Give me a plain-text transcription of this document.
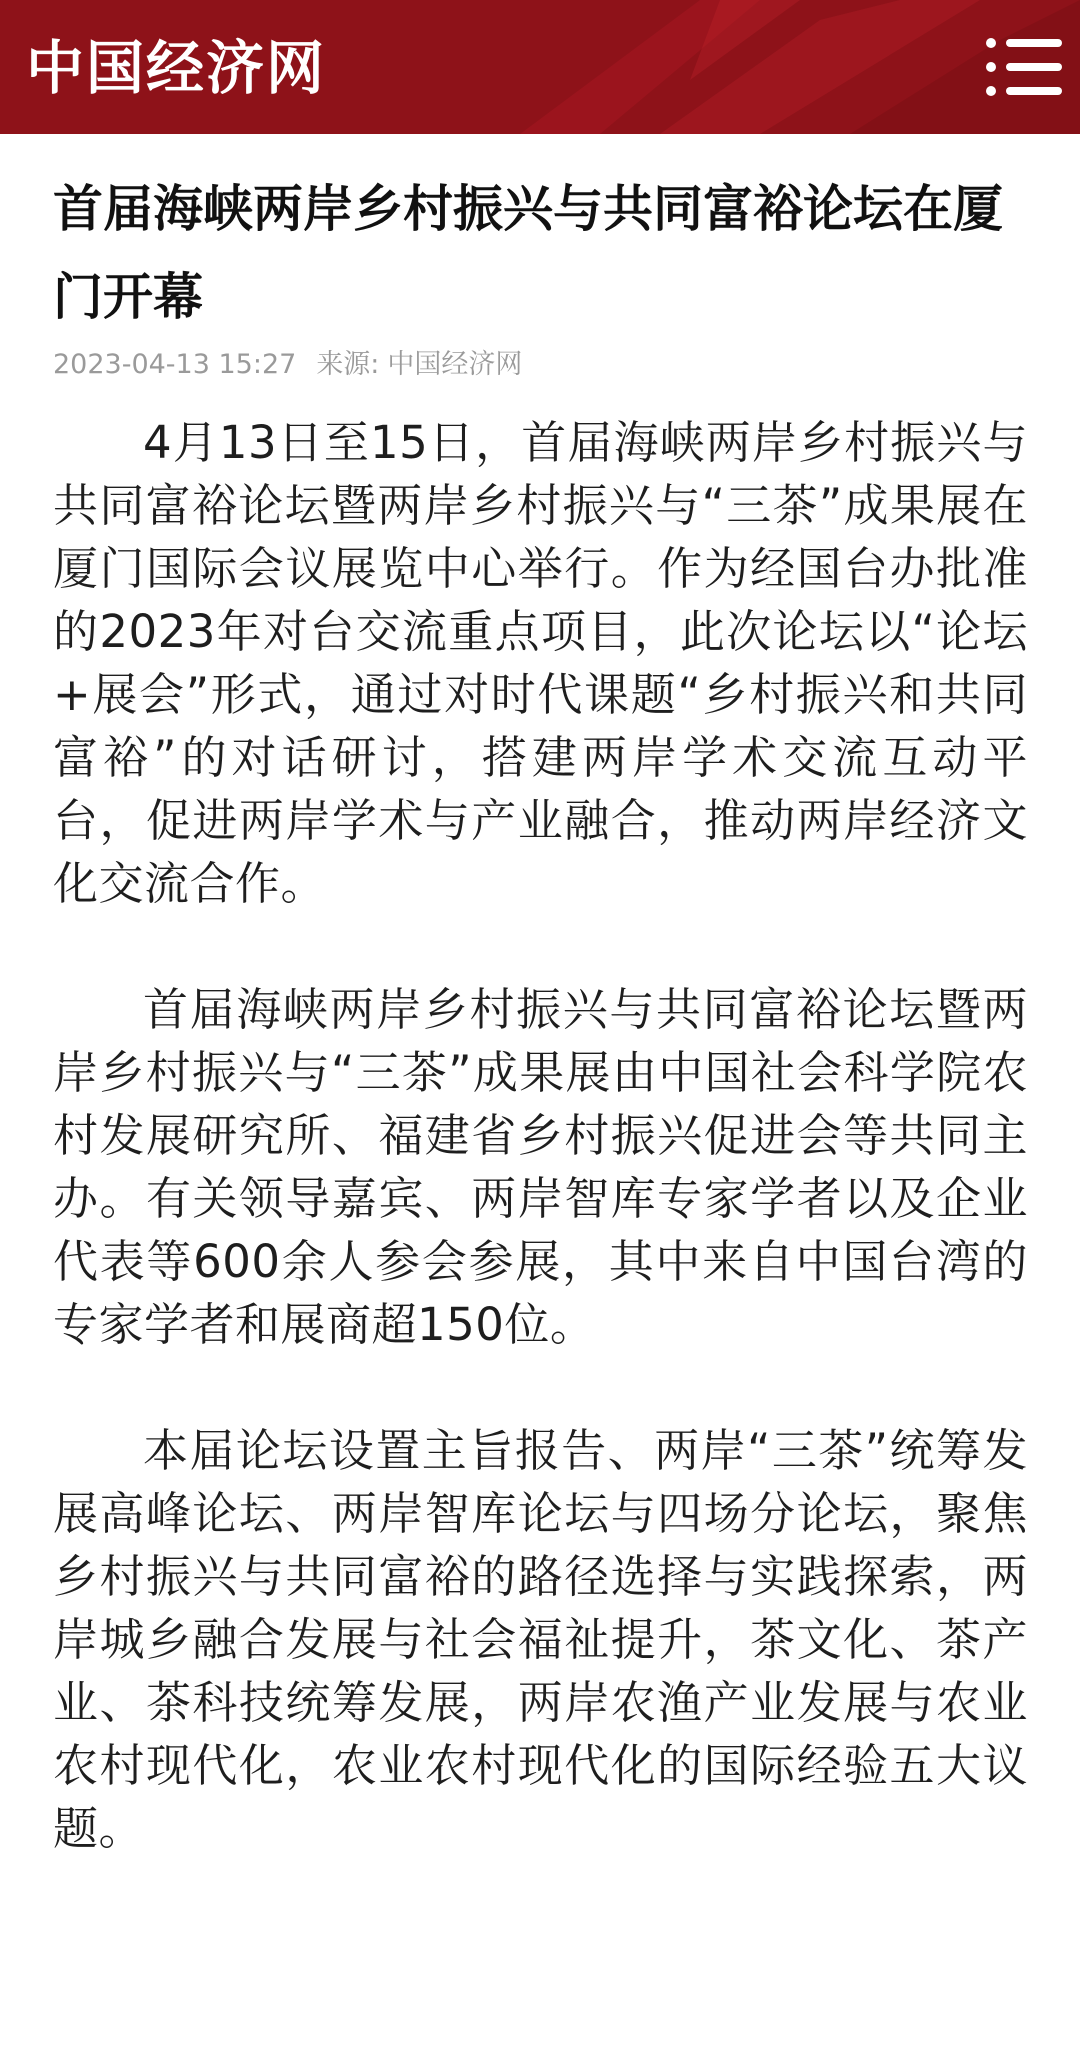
中国经济网
首届海峡两岸乡村振兴与共同富裕论坛在厦门开幕
2023-04-13 15:27 来源: 中国经济网

4月13日至15日，首届海峡两岸乡村振兴与共同富裕论坛暨两岸乡村振兴与“三茶”成果展在厦门国际会议展览中心举行。作为经国台办批准的2023年对台交流重点项目，此次论坛以“论坛+展会”形式，通过对时代课题“乡村振兴和共同富裕”的对话研讨，搭建两岸学术交流互动平台，促进两岸学术与产业融合，推动两岸经济文化交流合作。

首届海峡两岸乡村振兴与共同富裕论坛暨两岸乡村振兴与“三茶”成果展由中国社会科学院农村发展研究所、福建省乡村振兴促进会等共同主办。有关领导嘉宾、两岸智库专家学者以及企业代表等600余人参会参展，其中来自中国台湾的专家学者和展商超150位。

本届论坛设置主旨报告、两岸“三茶”统筹发展高峰论坛、两岸智库论坛与四场分论坛，聚焦乡村振兴与共同富裕的路径选择与实践探索，两岸城乡融合发展与社会福祉提升，茶文化、茶产业、茶科技统筹发展，两岸农渔产业发展与农业农村现代化，农业农村现代化的国际经验五大议题。
